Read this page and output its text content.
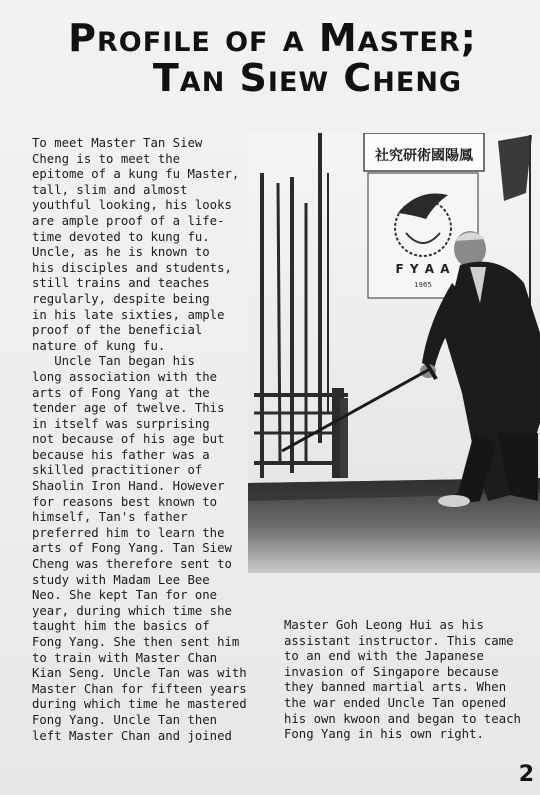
Profile of a Master;
Tan Siew Cheng
To meet Master Tan Siew
Cheng is to meet the
epitome of a kung fu Master,
tall, slim and almost
youthful looking, his looks
are ample proof of a life-
time devoted to kung fu.
Uncle, as he is known to
his disciples and students,
still trains and teaches
regularly, despite being
in his late sixties, ample
proof of the beneficial
nature of kung fu.
Uncle Tan began his
long association with the
arts of Fong Yang at the
tender age of twelve. This
in itself was surprising
not because of his age but
because his father was a
skilled practitioner of
Shaolin Iron Hand. However
for reasons best known to
himself, Tan's father
preferred him to learn the
arts of Fong Yang. Tan Siew
Cheng was therefore sent to
study with Madam Lee Bee
Neo. She kept Tan for one
year, during which time she
taught him the basics of
Fong Yang. She then sent him
to train with Master Chan
Kian Seng. Uncle Tan was with
Master Chan for fifteen years
during which time he mastered
Fong Yang. Uncle Tan then
left Master Chan and joined
社究研術國陽鳳
F Y A A
1965
Master Goh Leong Hui as his
assistant instructor. This came
to an end with the Japanese
invasion of Singapore because
they banned martial arts. When
the war ended Uncle Tan opened
his own kwoon and began to teach
Fong Yang in his own right.
2
